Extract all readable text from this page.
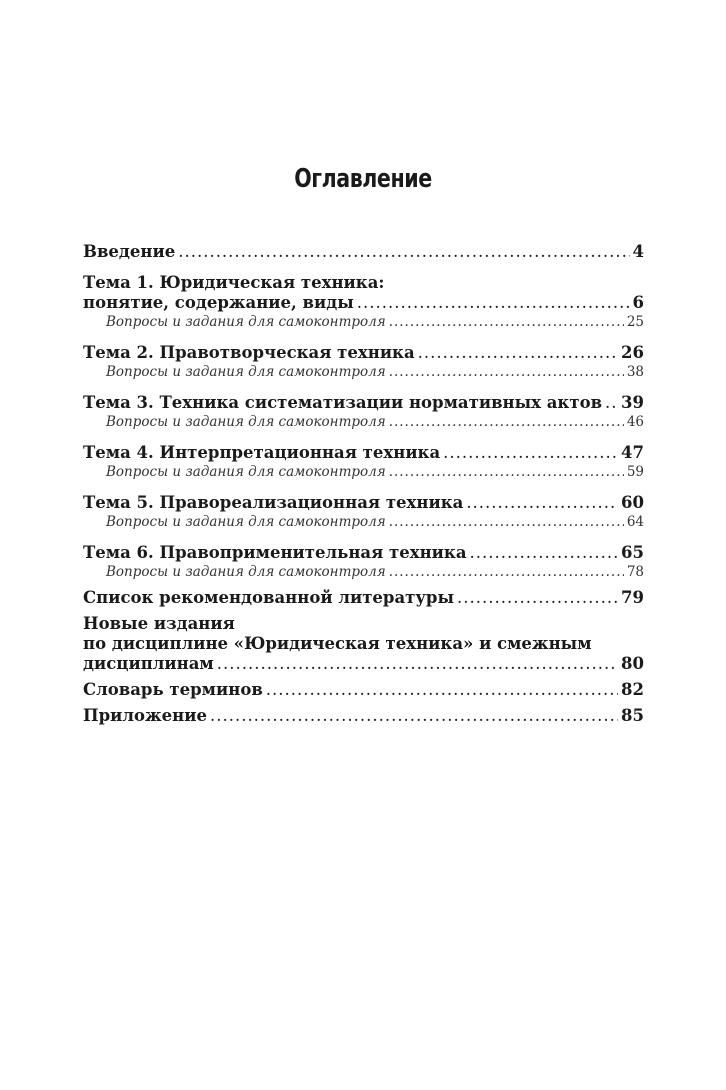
Оглавление
Введение .....	4
Тема 1. Юридическая техника:
понятие, содержание, виды .....	6
Вопросы и задания для самоконтроля .....	25
Тема 2. Правотворческая техника .....	26
Вопросы и задания для самоконтроля .....	38
Тема 3. Техника систематизации нормативных актов ..... 39
Вопросы и задания для самоконтроля .....	46
Тема 4. Интерпретационная техника .....	47
Вопросы и задания для самоконтроля .....	59
Тема 5. Правореализационная техника .....	60
Вопросы и задания для самоконтроля .....	64
Тема 6. Правоприменительная техника .....	65
Вопросы и задания для самоконтроля .....	78
Список рекомендованной литературы .....	79
Новые издания
по дисциплине «Юридическая техника» и смежным
дисциплинам .....	80
Словарь терминов .....	82
Приложение .....	85
